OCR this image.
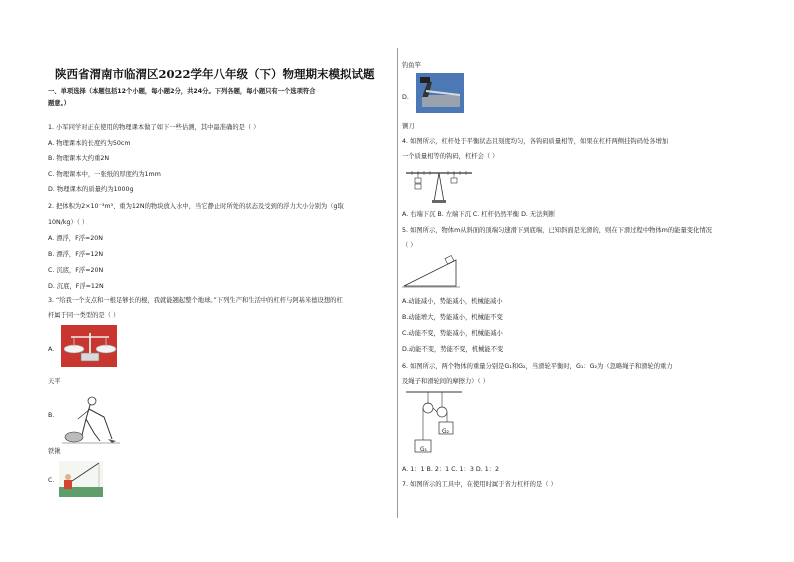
陕西省渭南市临渭区2022学年八年级（下）物理期末模拟试题
一、单项选择（本题包括12个小题，每小题2分，共24分。下列各题，每小题只有一个选项符合
题意。）
1. 小军同学对正在使用的物理课本做了如下一些估测，其中最准确的是（ ）
A. 物理课本的长度约为50cm
B. 物理课本大约重2N
C. 物理课本中，一张纸的厚度约为1mm
D. 物理课本的质量约为1000g
2. 把体积为2×10⁻³m³、重为12N的物块放入水中，当它静止时所处的状态及受到的浮力大小分别为（g取
10N/kg）（ ）
A. 漂浮，F浮=20N
B. 漂浮，F浮=12N
C. 沉底，F浮=20N
D. 沉底，F浮=12N
3. “给我一个支点和一根足够长的棍，我就能翘起整个地球。”下列生产和生活中的杠杆与阿基米德设想的杠
杆属于同一类型的是（ ）
A.
天平
B.
铁锹
C.
钓鱼竿
D.
铡刀
4. 如图所示，杠杆处于平衡状态且刻度均匀，各钩码质量相等，如果在杠杆两侧挂钩码处各增加
一个质量相等的钩码，杠杆会（ ）
A. 右端下沉 B. 左端下沉 C. 杠杆仍然平衡 D. 无法判断
5. 如图所示，物体m从斜面的顶端匀速滑下到底端，已知斜面是光滑的，则在下滑过程中物体m的能量变化情况
（ ）
A.动能减小，势能减小，机械能减小
B.动能增大，势能减小，机械能不变
C.动能不变，势能减小，机械能减小
D.动能不变，势能不变，机械能不变
6. 如图所示，两个物体的重量分别是G₁和G₂，当滑轮平衡时，G₁：G₂为（忽略绳子和滑轮的重力
及绳子和滑轮间的摩擦力）（ ）
G₁
G₂
A. 1：1 B. 2：1 C. 1：3 D. 1：2
7. 如图所示的工具中，在使用时属于省力杠杆的是（ ）
